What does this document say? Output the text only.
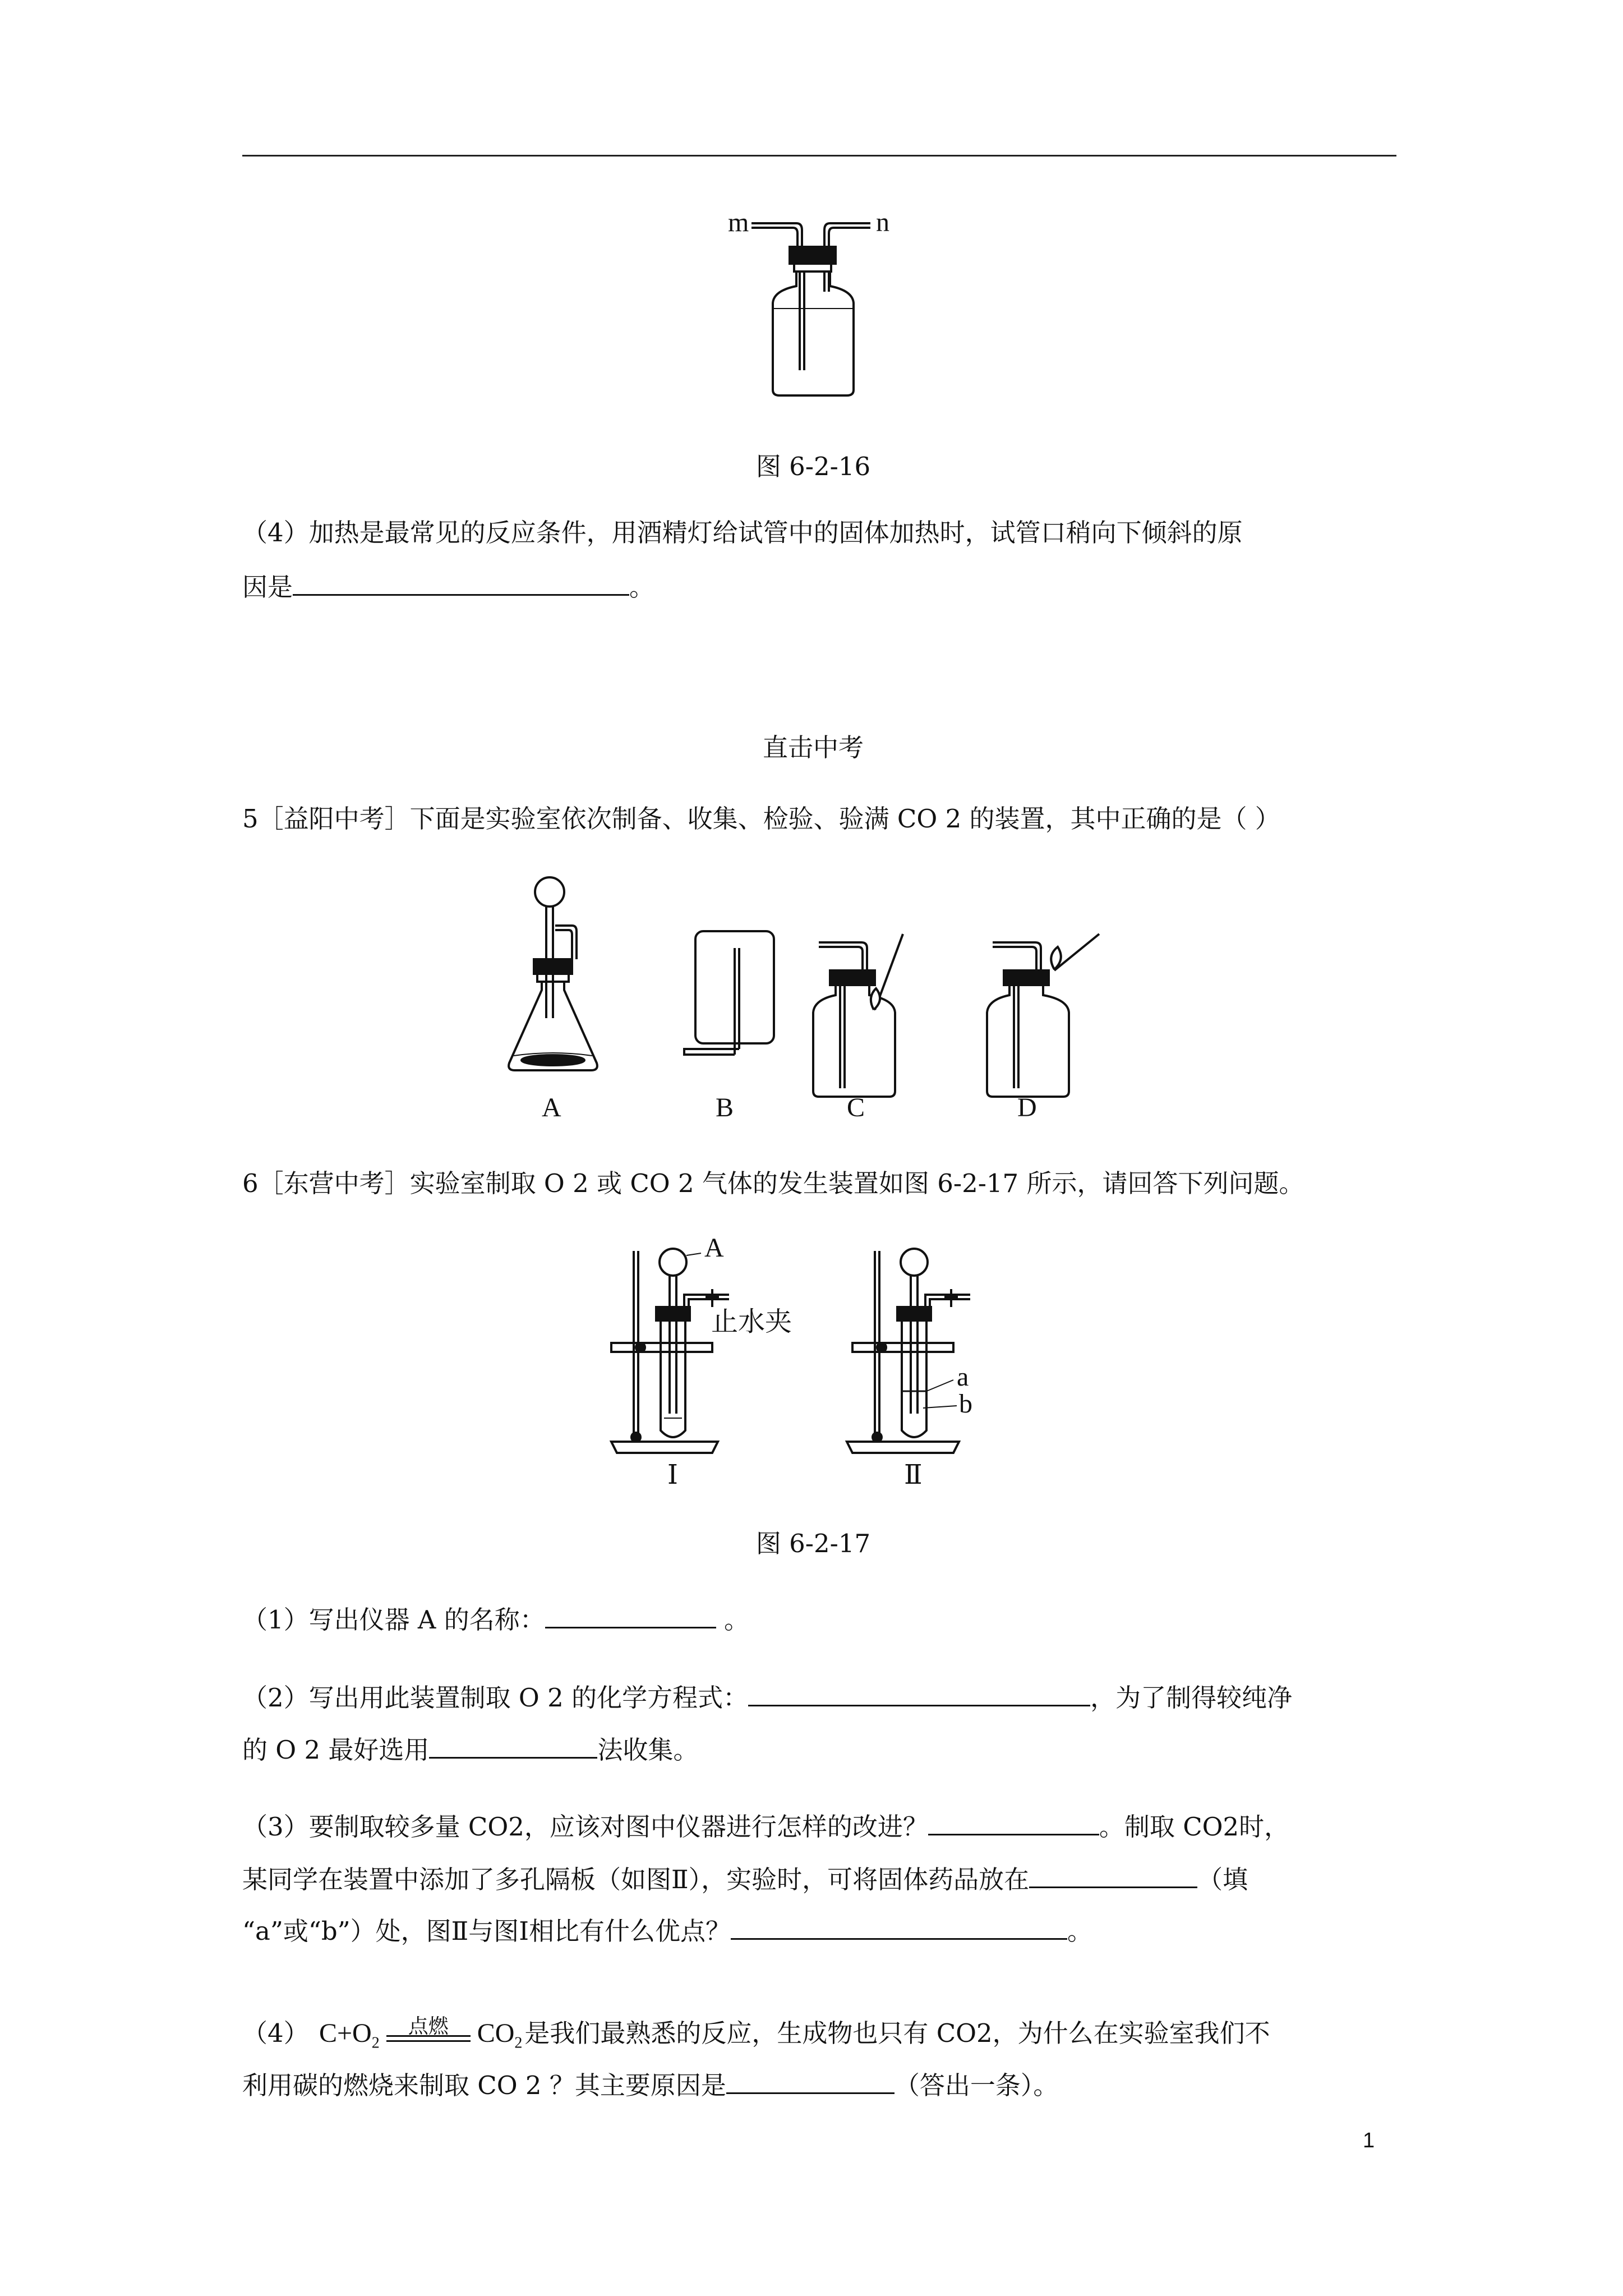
m	n
图 6-2-16
（4）加热是最常见的反应条件，用酒精灯给试管中的固体加热时，试管口稍向下倾斜的原
因是	。
直击中考
5［益阳中考］下面是实验室依次制备、收集、检验、验满 CO 2 的装置，其中正确的是（ ）
A	B	C	D
6［东营中考］实验室制取 O 2 或 CO 2 气体的发生装置如图 6-2-17 所示，请回答下列问题。
A
止水夹
a
b
Ⅰ	Ⅱ
图 6-2-17
（1）写出仪器 A 的名称：	。
（2）写出用此装置制取 O 2 的化学方程式：	，为了制得较纯净
的 O 2 最好选用	法收集。
（3）要制取较多量 CO2，应该对图中仪器进行怎样的改进？	。制取 CO2时，
某同学在装置中添加了多孔隔板（如图Ⅱ），实验时，可将固体药品放在	（填
“a”或“b”）处，图Ⅱ与图Ⅰ相比有什么优点？	。
（4） $C+O_2$
点燃	$CO_2$是我们最熟悉的反应，生成物也只有 CO2，为什么在实验室我们不
利用碳的燃烧来制取 CO 2 ？其主要原因是	（答出一条）。
1
